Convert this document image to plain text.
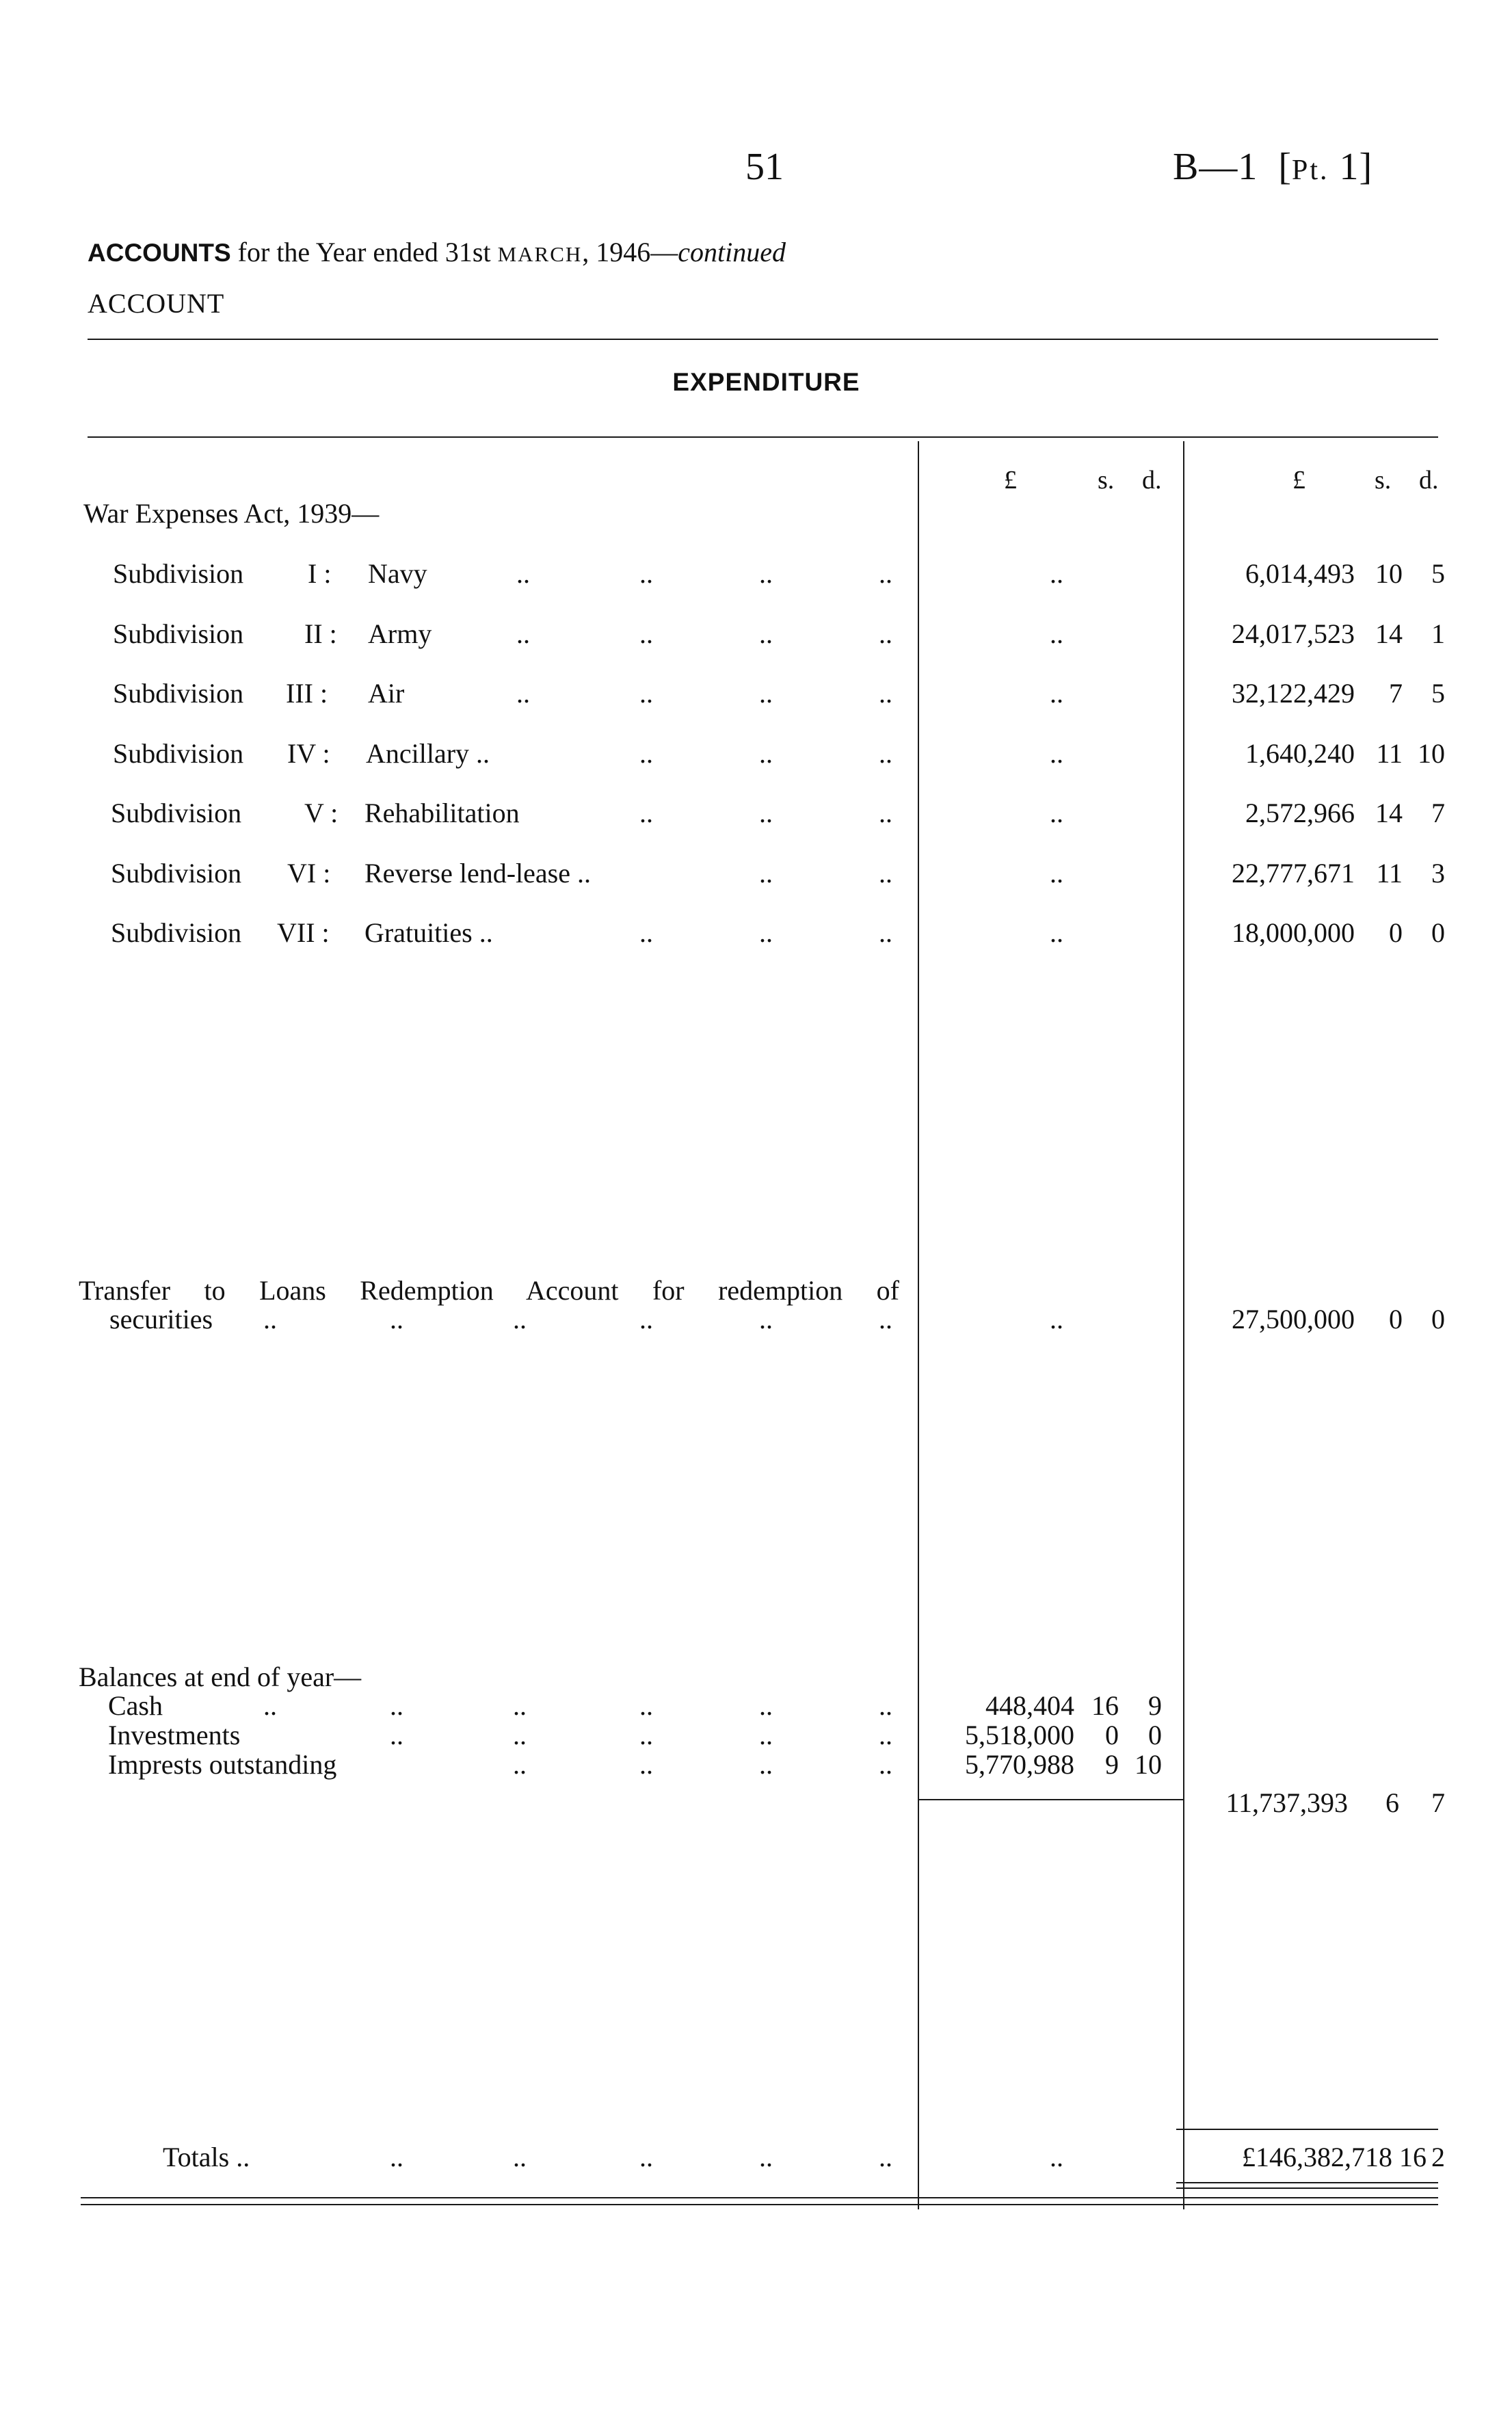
51	B—1 [Pt. 1]
ACCOUNTS for the Year ended 31st MARCH, 1946—continued
ACCOUNT
EXPENDITURE
£	s. d.	£	s. d.
War Expenses Act, 1939—
Subdivision I : Navy	..	..	..	..	..	6,014,493 10 5
Subdivision II : Army	..	..	..	..	..	24,017,523 14 1
Subdivision III : Air	..	..	..	..	..	32,122,429 7 5
Subdivision IV : Ancillary ..	..	..	..	..	1,640,240 11 10
Subdivision V : Rehabilitation	..	..	..	..	2,572,966 14 7
Subdivision VI : Reverse lend-lease ..	..	..	..	22,777,671 11 3
Subdivision VII : Gratuities ..	..	..	..	..	18,000,000 0 0
Transfer to Loans Redemption Account for redemption of
securities ..	..	..	..	..	..	..	27,500,000 0 0
Balances at end of year—
Cash	..	..	..	..	..	..	448,404 16 9
Investments	..	..	..	..	..	5,518,000 0 0
Imprests outstanding	..	..	..	..	5,770,988 9 10
11,737,393 6 7
Totals ..	..	..	..	..	..	..	£146,382,718 16 2
